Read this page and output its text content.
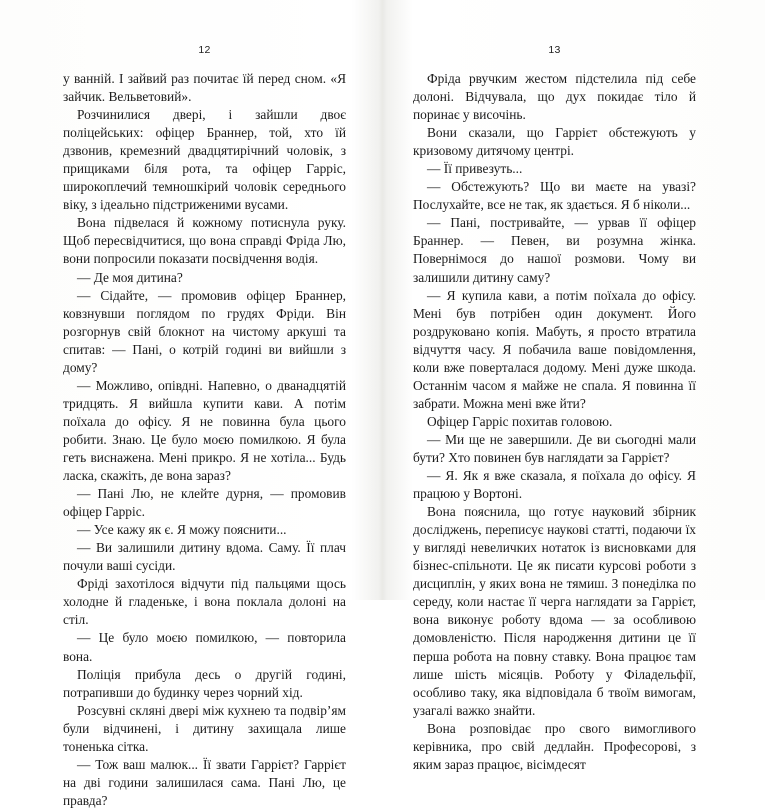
12

у ванній. І зайвий раз почитає їй перед сном. «Я зайчик. Вельветовий».

Розчинилися двері, і зайшли двоє поліцейських: офіцер Браннер, той, хто їй дзвонив, кремезний двадцятирічний чоловік, з прищиками біля рота, та офіцер Гарріс, широкоплечий темношкірий чоловік середнього віку, з ідеально підстриженими вусами.

Вона підвелася й кожному потиснула руку. Щоб пересвідчитися, що вона справді Фріда Лю, вони попросили показати посвідчення водія.

— Де моя дитина?

— Сідайте, — промовив офіцер Браннер, ковзнувши поглядом по грудях Фріди. Він розгорнув свій блокнот на чистому аркуші та спитав: — Пані, о котрій годині ви вийшли з дому?

— Можливо, опівдні. Напевно, о дванадцятій тридцять. Я вийшла купити кави. А потім поїхала до офісу. Я не повинна була цього робити. Знаю. Це було моєю помилкою. Я була геть виснажена. Мені прикро. Я не хотіла... Будь ласка, скажіть, де вона зараз?

— Пані Лю, не клейте дурня, — промовив офіцер Гарріс.

— Усе кажу як є. Я можу пояснити...

— Ви залишили дитину вдома. Саму. Її плач почули ваші сусіди.

Фріді захотілося відчути під пальцями щось холодне й гладеньке, і вона поклала долоні на стіл.

— Це було моєю помилкою, — повторила вона.

Поліція прибула десь о другій годині, потрапивши до будинку через чорний хід.

Розсувні скляні двері між кухнею та подвір’ям були відчинені, і дитину захищала лише тоненька сітка.

— Тож ваш малюк... Її звати Гаррієт? Гаррієт на дві години залишилася сама. Пані Лю, це правда?

13

Фріда рвучким жестом підстелила під себе долоні. Відчувала, що дух покидає тіло й поринає у височінь.

Вони сказали, що Гаррієт обстежують у кризовому дитячому центрі.

— Її привезуть...

— Обстежують? Що ви маєте на увазі? Послухайте, все не так, як здається. Я б ніколи...

— Пані, постривайте, — урвав її офіцер Браннер. — Певен, ви розумна жінка. Повернімося до нашої розмови. Чому ви залишили дитину саму?

— Я купила кави, а потім поїхала до офісу. Мені був потрібен один документ. Його роздруковано копія. Мабуть, я просто втратила відчуття часу. Я побачила ваше повідомлення, коли вже поверталася додому. Мені дуже шкода. Останнім часом я майже не спала. Я повинна її забрати. Можна мені вже йти?

Офіцер Гарріс похитав головою.

— Ми ще не завершили. Де ви сьогодні мали бути? Хто повинен був наглядати за Гаррієт?

— Я. Як я вже сказала, я поїхала до офісу. Я працюю у Вортоні.

Вона пояснила, що готує науковий збірник досліджень, переписує наукові статті, подаючи їх у вигляді невеличких нотаток із висновками для бізнес-спільноти. Це як писати курсові роботи з дисциплін, у яких вона не тямиш. З понеділка по середу, коли настає її черга наглядати за Гаррієт, вона виконує роботу вдома — за особливою домовленістю. Після народження дитини це її перша робота на повну ставку. Вона працює там лише шість місяців. Роботу у Філадельфії, особливо таку, яка відповідала б твоїм вимогам, узагалі важко знайти.

Вона розповідає про свого вимогливого керівника, про свій дедлайн. Професорові, з яким зараз працює, вісімдесят
